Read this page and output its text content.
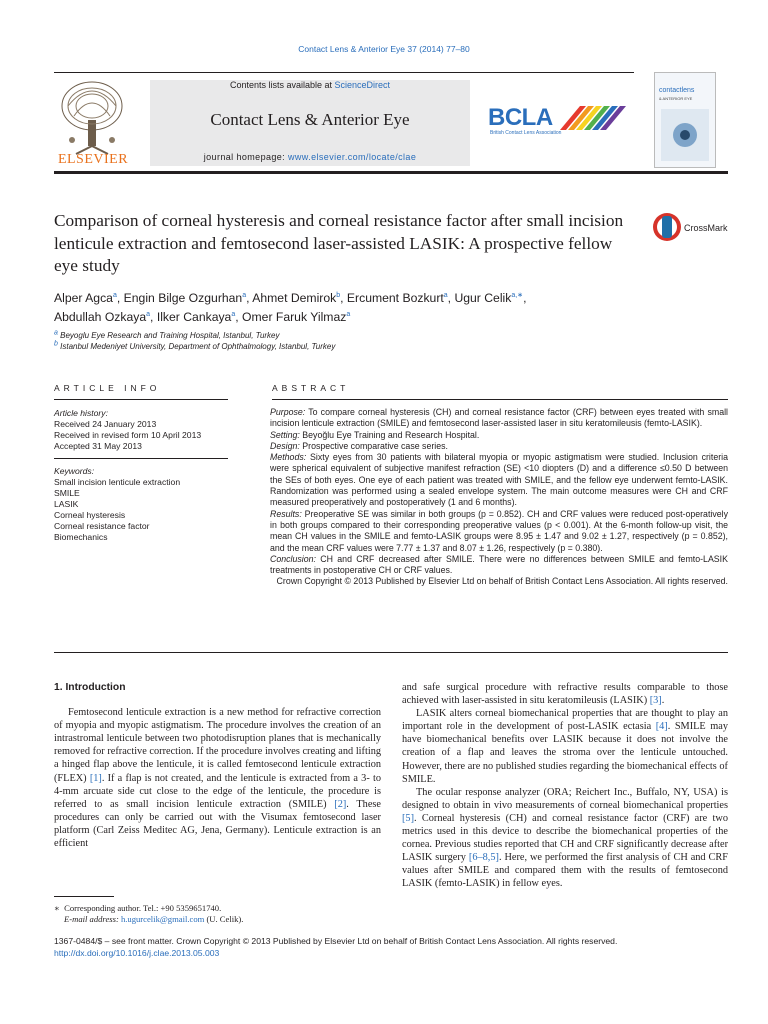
Contact Lens & Anterior Eye 37 (2014) 77–80
ELSEVIER
Contents lists available at ScienceDirect
Contact Lens & Anterior Eye
journal homepage: www.elsevier.com/locate/clae
BCLA
British Contact Lens Association
contactlens
& ANTERIOR EYE
Comparison of corneal hysteresis and corneal resistance factor after small incision lenticule extraction and femtosecond laser-assisted LASIK: A prospective fellow eye study
CrossMark
Alper Agca$^a$, Engin Bilge Ozgurhan$^a$, Ahmet Demirok$^b$, Ercument Bozkurt$^a$, Ugur Celik$^{a,∗}$,
Abdullah Ozkaya$^a$, Ilker Cankaya$^a$, Omer Faruk Yilmaz$^a$
a Beyoglu Eye Research and Training Hospital, Istanbul, Turkey
b Istanbul Medeniyet University, Department of Ophthalmology, Istanbul, Turkey
ARTICLE INFO	ABSTRACT
Article history:
Received 24 January 2013
Received in revised form 10 April 2013
Accepted 31 May 2013
Keywords:
Small incision lenticule extraction
SMILE
LASIK
Corneal hysteresis
Corneal resistance factor
Biomechanics

Purpose: To compare corneal hysteresis (CH) and corneal resistance factor (CRF) between eyes treated with small incision lenticule extraction (SMILE) and femtosecond laser-assisted laser in situ keratomileusis (femto-LASIK).

Setting: Beyoğlu Eye Training and Research Hospital.

Design: Prospective comparative case series.

Methods: Sixty eyes from 30 patients with bilateral myopia or myopic astigmatism were studied. Inclusion criteria were spherical equivalent of subjective manifest refraction (SE) <10 diopters (D) and a difference ≤0.50 D between the SEs of both eyes. One eye of each patient was treated with SMILE, and the fellow eye underwent femto-LASIK. Randomization was performed using a sealed envelope system. The main outcome measures were CH and CRF measured preoperatively and postoperatively (1 and 6 months).

Results: Preoperative SE was similar in both groups (p = 0.852). CH and CRF values were reduced post-operatively in both groups compared to their corresponding preoperative values (p < 0.001). At the 6-month follow-up visit, the mean CH values in the SMILE and femto-LASIK groups were 8.95 ± 1.47 and 9.02 ± 1.27, respectively (p = 0.852), and the mean CRF values were 7.77 ± 1.37 and 8.07 ± 1.26, respectively (p = 0.380).

Conclusion: CH and CRF decreased after SMILE. There were no differences between SMILE and femto-LASIK treatments in postoperative CH or CRF values.

Crown Copyright © 2013 Published by Elsevier Ltd on behalf of British Contact Lens Association. All rights reserved.

1. Introduction

Femtosecond lenticule extraction is a new method for refractive correction of myopia and myopic astigmatism. The procedure involves the creation of an intrastromal lenticule between two photodisruption planes that is mechanically removed for refractive correction. If the procedure involves creating and lifting a hinged flap above the lenticule, it is called femtosecond lenticule extraction (FLEX) [1]. If a flap is not created, and the lenticule is extracted from a 3- to 4-mm arcuate side cut close to the edge of the lenticule, the procedure is referred to as small incision lenticule extraction (SMILE) [2]. These procedures can only be carried out with the Visumax femtosecond laser platform (Carl Zeiss Meditec AG, Jena, Germany). Lenticule extraction is an efficient

and safe surgical procedure with refractive results comparable to those achieved with laser-assisted in situ keratomileusis (LASIK) [3].

LASIK alters corneal biomechanical properties that are thought to play an important role in the development of post-LASIK ectasia [4]. SMILE may have biomechanical benefits over LASIK because it does not involve the creation of a flap and leaves the stroma over the lenticule untouched. However, there are no published studies regarding the biomechanical effects of SMILE.

The ocular response analyzer (ORA; Reichert Inc., Buffalo, NY, USA) is designed to obtain in vivo measurements of corneal biomechanical properties [5]. Corneal hysteresis (CH) and corneal resistance factor (CRF) are two metrics used in this device to describe the biomechanical properties of the cornea. Previous studies reported that CH and CRF significantly decrease after LASIK surgery [6–8,5]. Here, we performed the first analysis of CH and CRF values after SMILE and compared them with the results of femtosecond LASIK (femto-LASIK) in fellow eyes.

∗ Corresponding author. Tel.: +90 5359651740.
E-mail address: h.ugurcelik@gmail.com (U. Celik).
1367-0484/$ – see front matter. Crown Copyright © 2013 Published by Elsevier Ltd on behalf of British Contact Lens Association. All rights reserved.
http://dx.doi.org/10.1016/j.clae.2013.05.003
